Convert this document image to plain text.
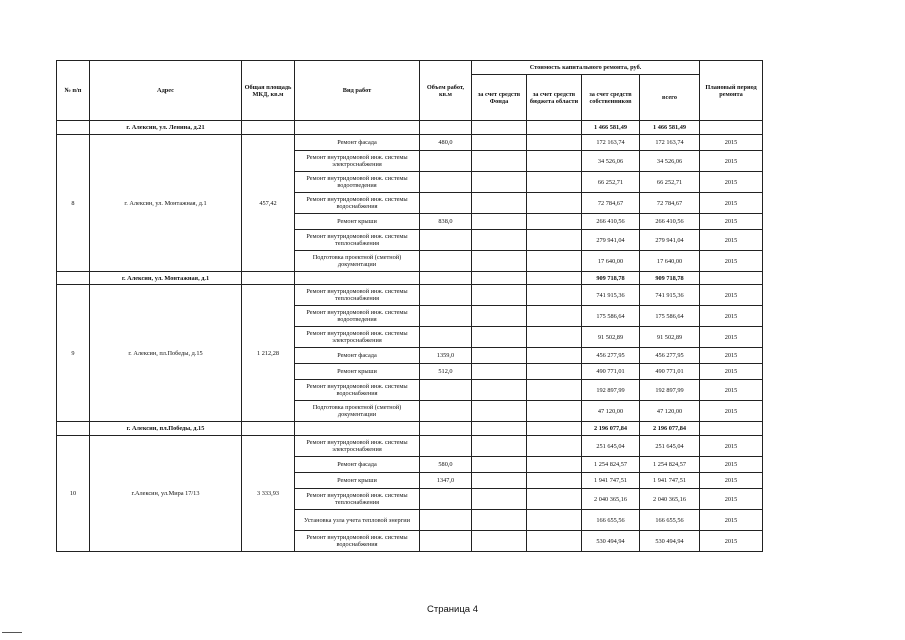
№ п/п	Адрес	Общая площадь МКД, кв.м	Вид работ	Объем работ, кв.м	Стоимость капитального ремонта, руб.				Плановый период ремонта
					за счет средств Фонда	за счет средств бюджета области	за счет средств собственников	всего	
	г. Алексин, ул. Ленина, д.21						1 466 581,49	1 466 581,49	
8	г. Алексин, ул. Монтажная, д.1	457,42	Ремонт фасада	480,0			172 163,74	172 163,74	2015
			Ремонт внутридомовой инж. системы электроснабжения				34 526,06	34 526,06	2015
			Ремонт внутридомовой инж. системы водоотведения				66 252,71	66 252,71	2015
			Ремонт внутридомовой инж. системы водоснабжения				72 784,67	72 784,67	2015
			Ремонт крыши	838,0			266 410,56	266 410,56	2015
			Ремонт внутридомовой инж. системы теплоснабжения				279 941,04	279 941,04	2015
			Подготовка проектной (сметной) документации				17 640,00	17 640,00	2015
	г. Алексин, ул. Монтажная, д.1						909 718,78	909 718,78	
9	г. Алексин, пл.Победы, д.15	1 212,28	Ремонт внутридомовой инж. системы теплоснабжения				741 915,36	741 915,36	2015
			Ремонт внутридомовой инж. системы водоотведения				175 586,64	175 586,64	2015
			Ремонт внутридомовой инж. системы электроснабжения				91 502,89	91 502,89	2015
			Ремонт фасада	1359,0			456 277,95	456 277,95	2015
			Ремонт крыши	512,0			490 771,01	490 771,01	2015
			Ремонт внутридомовой инж. системы водоснабжения				192 897,99	192 897,99	2015
			Подготовка проектной (сметной) документации				47 120,00	47 120,00	2015
	г. Алексин, пл.Победы, д.15						2 196 077,84	2 196 077,84	
10	г.Алексин, ул.Мира 17/13	3 333,93	Ремонт внутридомовой инж. системы электроснабжения				251 645,04	251 645,04	2015
			Ремонт фасада	580,0			1 254 824,57	1 254 824,57	2015
			Ремонт крыши	1347,0			1 941 747,51	1 941 747,51	2015
			Ремонт внутридомовой инж. системы теплоснабжения				2 040 365,16	2 040 365,16	2015
			Установка узла учета тепловой энергии				166 655,56	166 655,56	2015
			Ремонт внутридомовой инж. системы водоснабжения				530 494,94	530 494,94	2015
Страница 4
